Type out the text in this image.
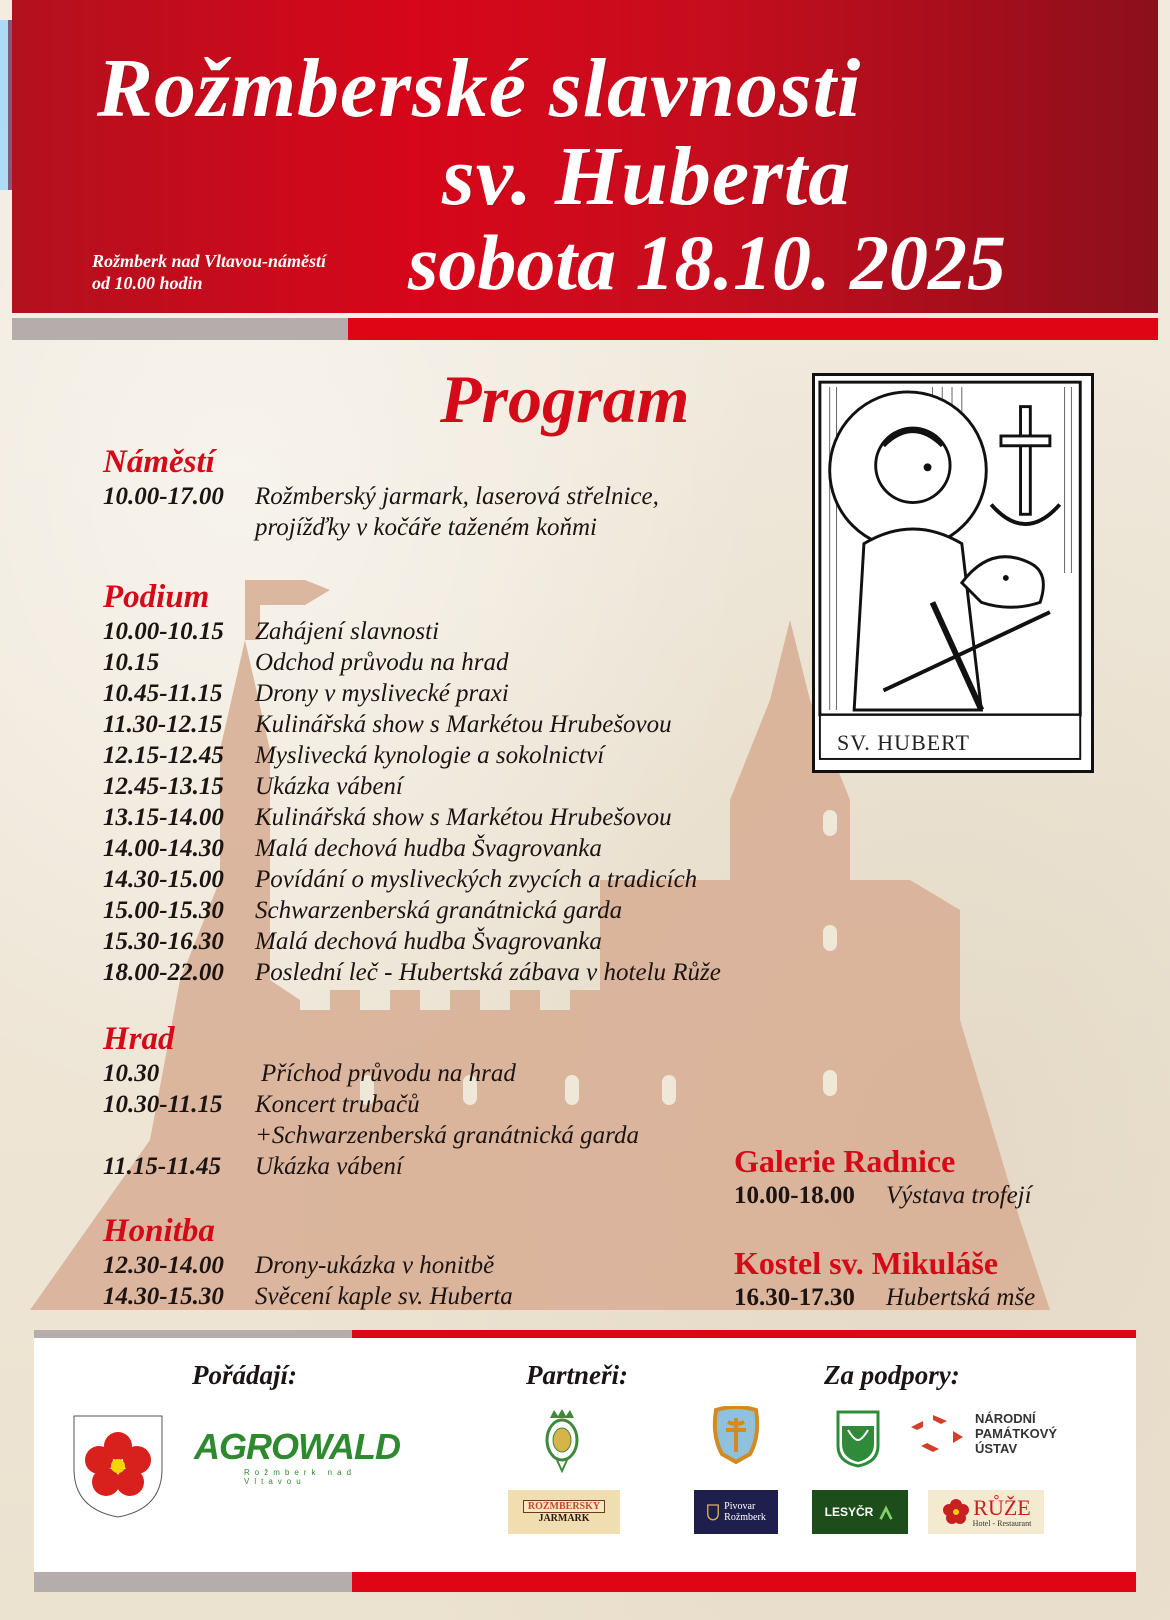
Rožmberské slavnosti
sv. Huberta
Rožmberk nad Vltavou-náměstí
od 10.00 hodin	sobota 18.10. 2025
Program
Náměstí
10.00-17.00	Rožmberský jarmark, laserová střelnice,
projížďky v kočáře taženém koňmi
Podium
10.00-10.15	Zahájení slavnosti
10.15	Odchod průvodu na hrad
10.45-11.15	Drony v myslivecké praxi
11.30-12.15	Kulinářská show s Markétou Hrubešovou
12.15-12.45	Myslivecká kynologie a sokolnictví
12.45-13.15	Ukázka vábení
13.15-14.00	Kulinářská show s Markétou Hrubešovou
14.00-14.30	Malá dechová hudba Švagrovanka
14.30-15.00	Povídání o mysliveckých zvycích a tradicích
15.00-15.30	Schwarzenberská granátnická garda
15.30-16.30	Malá dechová hudba Švagrovanka
18.00-22.00	Poslední leč - Hubertská zábava v hotelu Růže
Hrad
10.30	Příchod průvodu na hrad
10.30-11.15	Koncert trubačů
+Schwarzenberská granátnická garda
11.15-11.45	Ukázka vábení
Honitba
12.30-14.00	Drony-ukázka v honitbě
14.30-15.30	Svěcení kaple sv. Huberta
Galerie Radnice
10.00-18.00	Výstava trofejí
Kostel sv. Mikuláše
16.30-17.30	Hubertská mše
SV. HUBERT
Pořádají:	Partneři:	Za podpory:
AGROWALD
Rožmberk nad Vltavou
NÁRODNÍ
PAMÁTKOVÝ
ÚSTAV
ROŽMBERSKÝ
JARMARK
Pivovar
Rožmberk	LESYČR	RŮŽE
Hotel - Restaurant
